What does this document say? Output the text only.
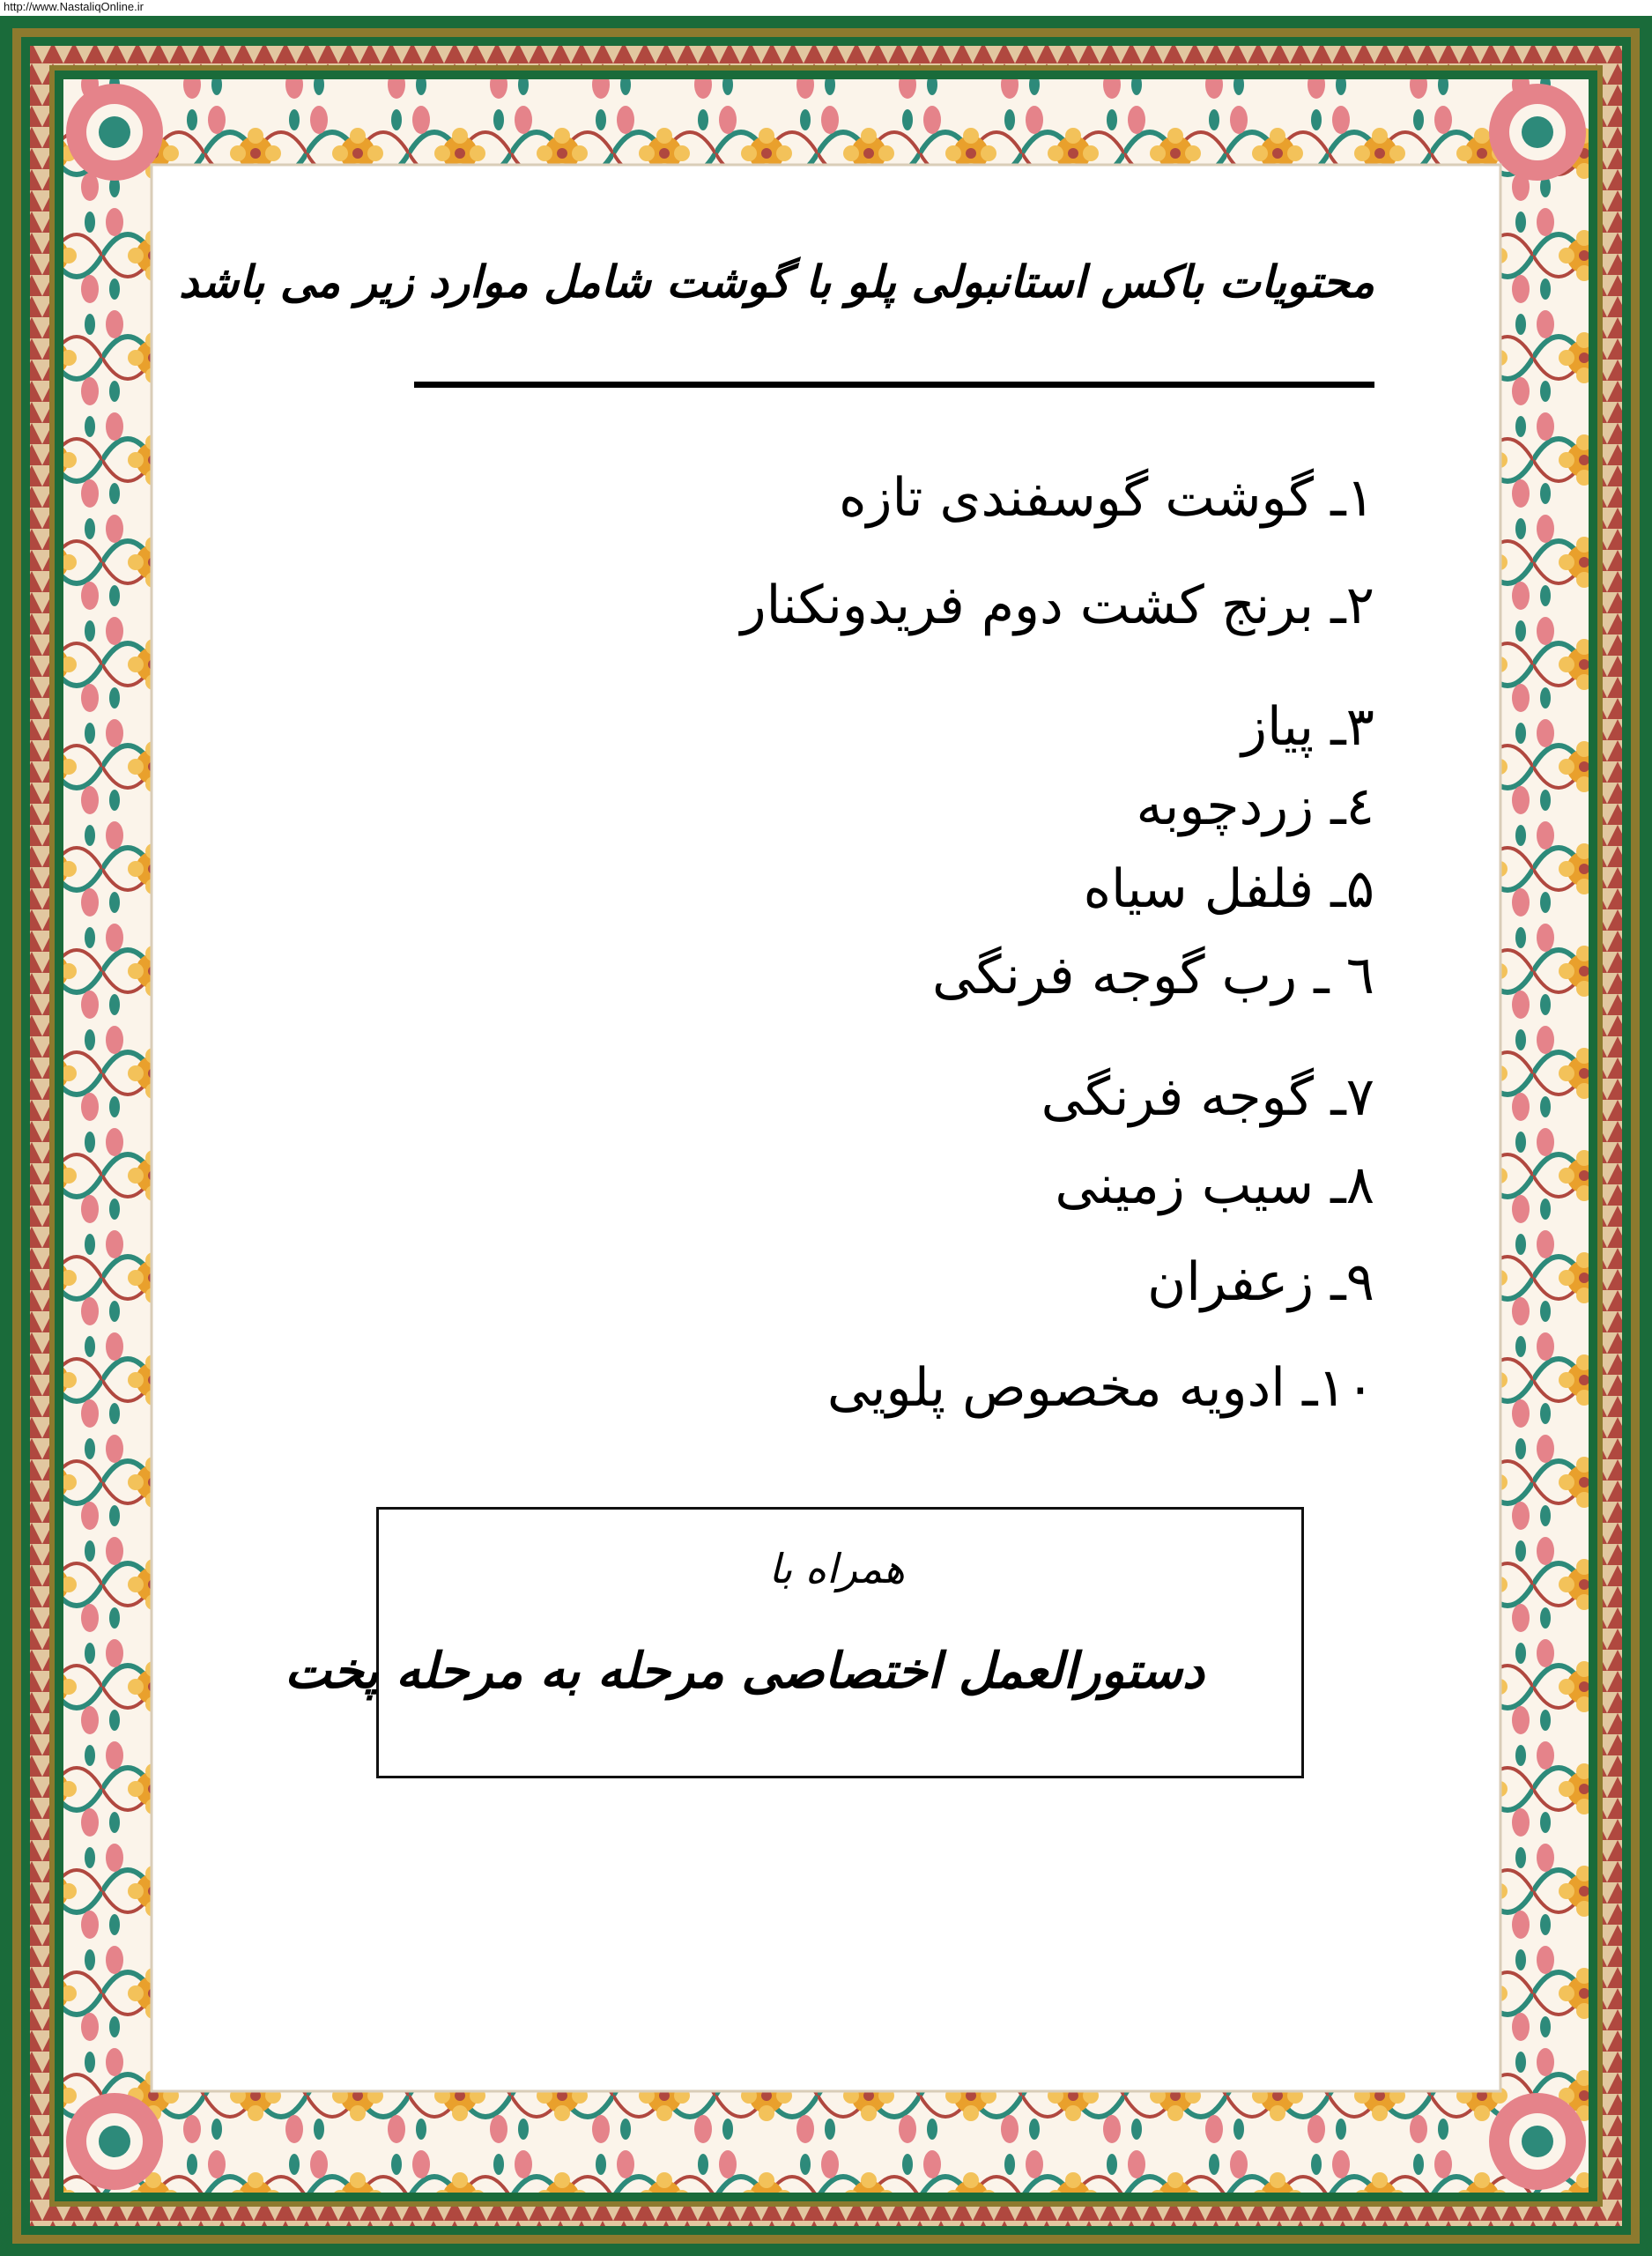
http://www.NastaliqOnline.ir
محتویات باکس استانبولی پلو با گوشت شامل موارد زیر می باشد
۱ـ گوشت گوسفندی تازه
۲ـ برنج کشت دوم فریدونکنار
۳ـ پیاز
٤ـ زردچوبه
۵ـ فلفل سیاه
٦ ـ رب گوجه فرنگی
۷ـ گوجه فرنگی
۸ـ سیب زمینی
۹ـ زعفران
۱۰ـ ادویه مخصوص پلویی
همراه با
دستورالعمل اختصاصی مرحله به مرحله پخت
